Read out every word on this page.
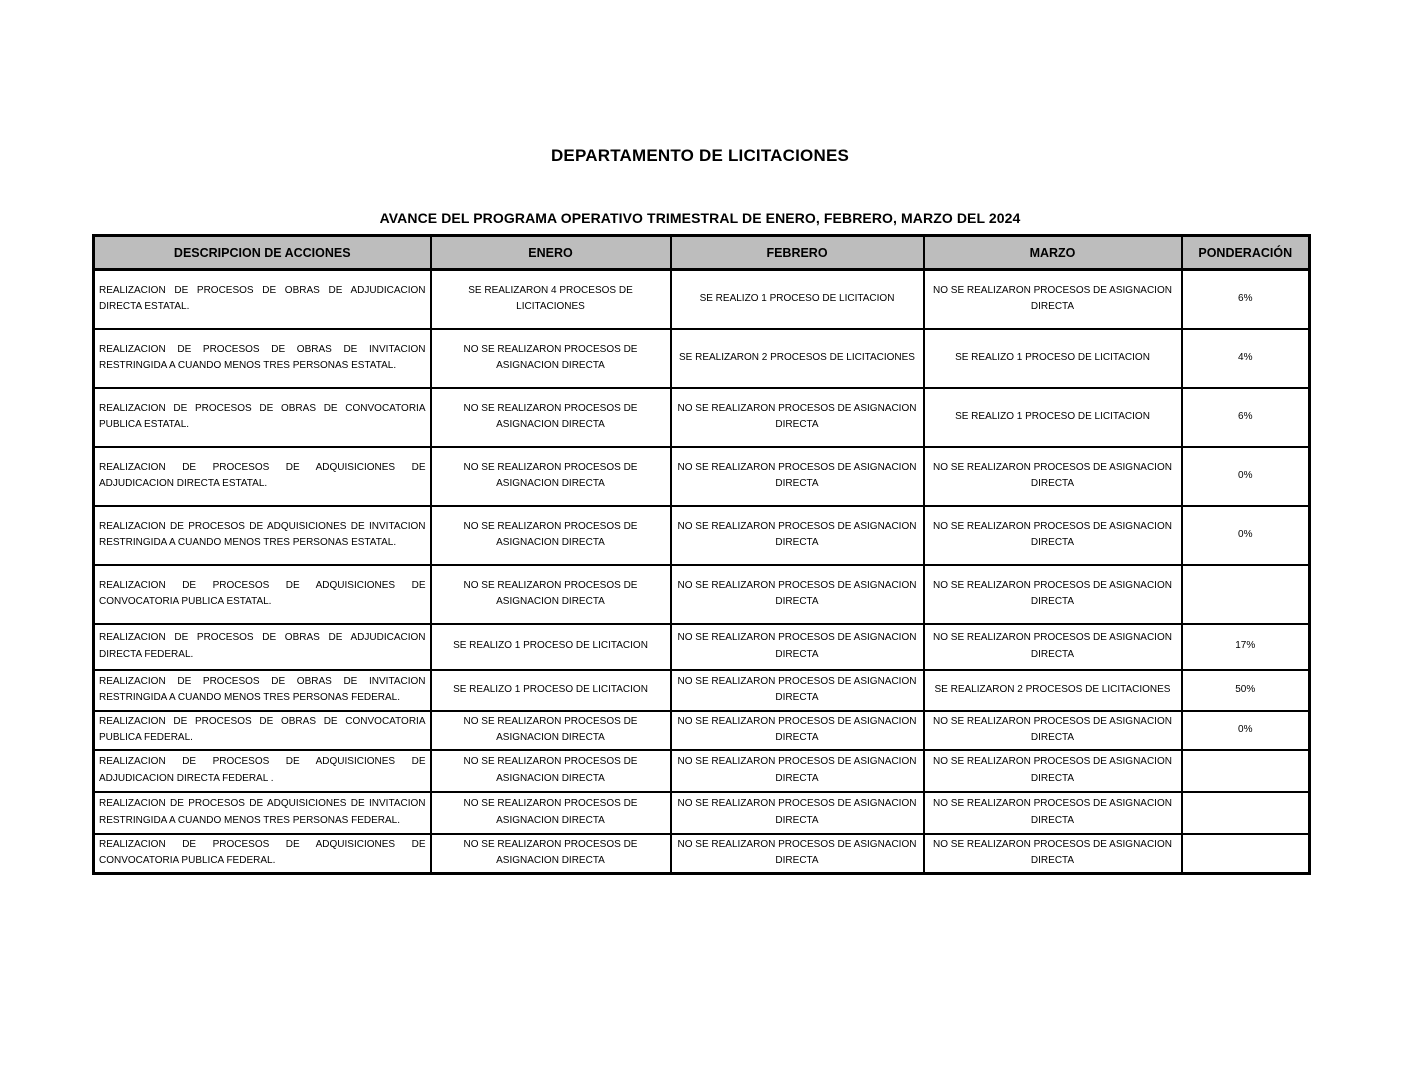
DEPARTAMENTO DE LICITACIONES
AVANCE DEL PROGRAMA OPERATIVO TRIMESTRAL DE ENERO, FEBRERO, MARZO DEL 2024
DESCRIPCION DE ACCIONES	ENERO	FEBRERO	MARZO	PONDERACIÓN
REALIZACION DE PROCESOS DE OBRAS DE ADJUDICACION DIRECTA ESTATAL.	SE REALIZARON 4 PROCESOS DE LICITACIONES	SE REALIZO 1 PROCESO DE LICITACION	NO SE REALIZARON PROCESOS DE ASIGNACION DIRECTA	6%
REALIZACION DE PROCESOS DE OBRAS DE INVITACION RESTRINGIDA A CUANDO MENOS TRES PERSONAS ESTATAL.	NO SE REALIZARON PROCESOS DE ASIGNACION DIRECTA	SE REALIZARON 2 PROCESOS DE LICITACIONES	SE REALIZO 1 PROCESO DE LICITACION	4%
REALIZACION DE PROCESOS DE OBRAS DE CONVOCATORIA PUBLICA ESTATAL.	NO SE REALIZARON PROCESOS DE ASIGNACION DIRECTA	NO SE REALIZARON PROCESOS DE ASIGNACION DIRECTA	SE REALIZO 1 PROCESO DE LICITACION	6%
REALIZACION DE PROCESOS DE ADQUISICIONES DE ADJUDICACION DIRECTA ESTATAL.	NO SE REALIZARON PROCESOS DE ASIGNACION DIRECTA	NO SE REALIZARON PROCESOS DE ASIGNACION DIRECTA	NO SE REALIZARON PROCESOS DE ASIGNACION DIRECTA	0%
REALIZACION DE PROCESOS DE ADQUISICIONES DE INVITACION RESTRINGIDA A CUANDO MENOS TRES PERSONAS ESTATAL.	NO SE REALIZARON PROCESOS DE ASIGNACION DIRECTA	NO SE REALIZARON PROCESOS DE ASIGNACION DIRECTA	NO SE REALIZARON PROCESOS DE ASIGNACION DIRECTA	0%
REALIZACION DE PROCESOS DE ADQUISICIONES DE CONVOCATORIA PUBLICA ESTATAL.	NO SE REALIZARON PROCESOS DE ASIGNACION DIRECTA	NO SE REALIZARON PROCESOS DE ASIGNACION DIRECTA	NO SE REALIZARON PROCESOS DE ASIGNACION DIRECTA	
REALIZACION DE PROCESOS DE OBRAS DE ADJUDICACION DIRECTA FEDERAL.	SE REALIZO 1 PROCESO DE LICITACION	NO SE REALIZARON PROCESOS DE ASIGNACION DIRECTA	NO SE REALIZARON PROCESOS DE ASIGNACION DIRECTA	17%
REALIZACION DE PROCESOS DE OBRAS DE INVITACION RESTRINGIDA A CUANDO MENOS TRES PERSONAS FEDERAL.	SE REALIZO 1 PROCESO DE LICITACION	NO SE REALIZARON PROCESOS DE ASIGNACION DIRECTA	SE REALIZARON 2 PROCESOS DE LICITACIONES	50%
REALIZACION DE PROCESOS DE OBRAS DE CONVOCATORIA PUBLICA FEDERAL.	NO SE REALIZARON PROCESOS DE ASIGNACION DIRECTA	NO SE REALIZARON PROCESOS DE ASIGNACION DIRECTA	NO SE REALIZARON PROCESOS DE ASIGNACION DIRECTA	0%
REALIZACION DE PROCESOS DE ADQUISICIONES DE ADJUDICACION DIRECTA FEDERAL .	NO SE REALIZARON PROCESOS DE ASIGNACION DIRECTA	NO SE REALIZARON PROCESOS DE ASIGNACION DIRECTA	NO SE REALIZARON PROCESOS DE ASIGNACION DIRECTA	
REALIZACION DE PROCESOS DE ADQUISICIONES DE INVITACION RESTRINGIDA A CUANDO MENOS TRES PERSONAS FEDERAL.	NO SE REALIZARON PROCESOS DE ASIGNACION DIRECTA	NO SE REALIZARON PROCESOS DE ASIGNACION DIRECTA	NO SE REALIZARON PROCESOS DE ASIGNACION DIRECTA	
REALIZACION DE PROCESOS DE ADQUISICIONES DE CONVOCATORIA PUBLICA FEDERAL.	NO SE REALIZARON PROCESOS DE ASIGNACION DIRECTA	NO SE REALIZARON PROCESOS DE ASIGNACION DIRECTA	NO SE REALIZARON PROCESOS DE ASIGNACION DIRECTA	
